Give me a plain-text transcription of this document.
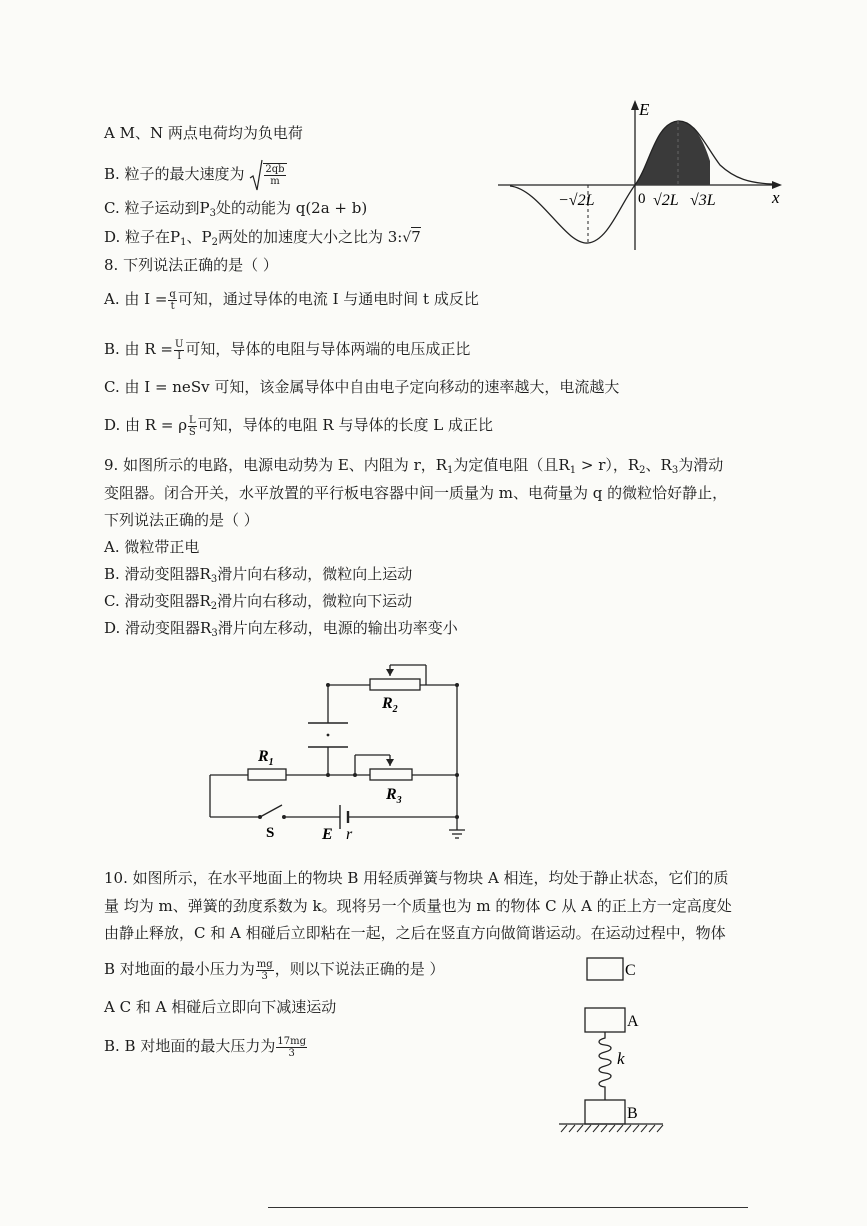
A M、N 两点电荷均为负电荷
B. 粒子的最大速度为 $\frac{2qb}{m}$
C. 粒子运动到$P_3$处的动能为 q(2a + b)
D. 粒子在$P_1$、$P_2$两处的加速度大小之比为 3:√7
E
x
0
−√2L	√2L √3L
8. 下列说法正确的是（ ）
A. 由 $I = \frac{q}{t}$ 可知，通过导体的电流 I 与通电时间 t 成反比
B. 由 $R = \frac{U}{I}$ 可知，导体的电阻与导体两端的电压成正比
C. 由 I = neSv 可知，该金属导体中自由电子定向移动的速率越大，电流越大
D. 由 R = ρ $\frac{L}{S}$ 可知，导体的电阻 R 与导体的长度 L 成正比
9. 如图所示的电路，电源电动势为 E、内阻为 r，$R_1$为定值电阻（且$R_1 > r$），$R_2$、$R_3$为滑动
变阻器。闭合开关，水平放置的平行板电容器中间一质量为 m、电荷量为 q 的微粒恰好静止，
下列说法正确的是（ ）
A. 微粒带正电
B. 滑动变阻器$R_3$滑片向右移动，微粒向上运动
C. 滑动变阻器$R_2$滑片向右移动，微粒向下运动
D. 滑动变阻器$R_3$滑片向左移动，电源的输出功率变小
$R_2$
$R_1$
$R_3$
S	E r
10. 如图所示，在水平地面上的物块 B 用轻质弹簧与物块 A 相连，均处于静止状态，它们的质
量 均为 m、弹簧的劲度系数为 k。现将另一个质量也为 m 的物体 C 从 A 的正上方一定高度处
由静止释放，C 和 A 相碰后立即粘在一起，之后在竖直方向做简谐运动。在运动过程中，物体
B 对地面的最小压力为 $\frac{mg}{3}$ ，则以下说法正确的是 ）
A C 和 A 相碰后立即向下减速运动
B. B 对地面的最大压力为 $\frac{17mg}{3}$
C
A
k
B
